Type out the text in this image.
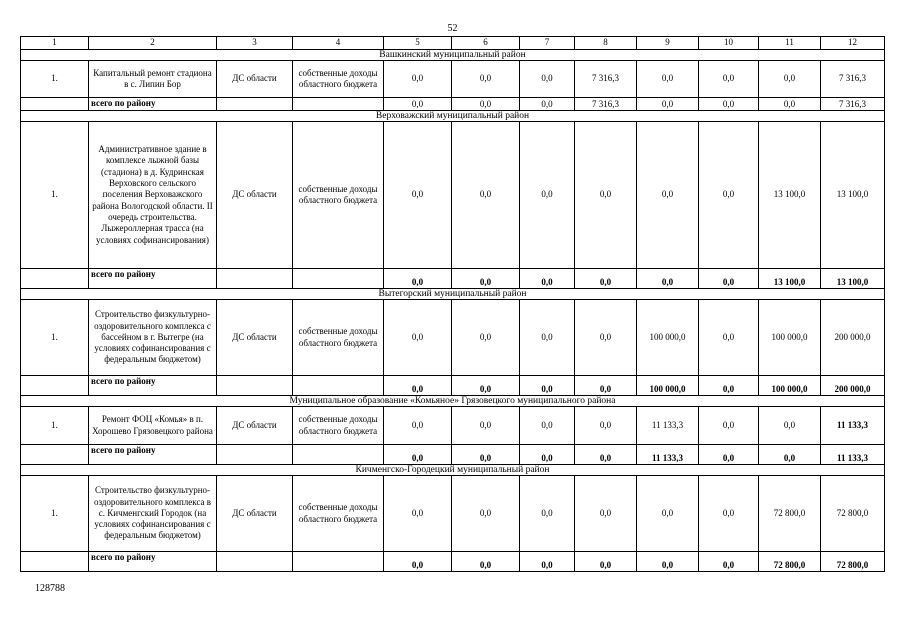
52
1	2	3	4	5	6	7	8	9	10	11	12
Вашкинский муниципальный район											
1.	Капитальный ремонт стадиона в с. Липин Бор	ДС области	собственные доходы областного бюджета	0,0	0,0	0,0	7 316,3	0,0	0,0	0,0	7 316,3
	всего по району			0,0	0,0	0,0	7 316,3	0,0	0,0	0,0	7 316,3
Верховажский муниципальный район											
1.	Административное здание в комплексе лыжной базы (стадиона) в д. Кудринская Верховского сельского поселения Верховажского района Вологодской области. II очередь строительства. Лыжероллерная трасса (на условиях софинансирования)	ДС области	собственные доходы областного бюджета	0,0	0,0	0,0	0,0	0,0	0,0	13 100,0	13 100,0
	всего по району			0,0	0,0	0,0	0,0	0,0	0,0	13 100,0	13 100,0
Вытегорский муниципальный район											
1.	Строительство физкультурно-оздоровительного комплекса с бассейном в г. Вытегре (на условиях софинансирования с федеральным бюджетом)	ДС области	собственные доходы областного бюджета	0,0	0,0	0,0	0,0	100 000,0	0,0	100 000,0	200 000,0
	всего по району			0,0	0,0	0,0	0,0	100 000,0	0,0	100 000,0	200 000,0
Муниципальное образование «Комьяное» Грязовецкого муниципального района											
1.	Ремонт ФОЦ «Комья» в п. Хорошево Грязовецкого района	ДС области	собственные доходы областного бюджета	0,0	0,0	0,0	0,0	11 133,3	0,0	0,0	11 133,3
	всего по району			0,0	0,0	0,0	0,0	11 133,3	0,0	0,0	11 133,3
Кичменгско-Городецкий муниципальный район											
1.	Строительство физкультурно-оздоровительного комплекса в с. Кичменгский Городок (на условиях софинансирования с федеральным бюджетом)	ДС области	собственные доходы областного бюджета	0,0	0,0	0,0	0,0	0,0	0,0	72 800,0	72 800,0
	всего по району			0,0	0,0	0,0	0,0	0,0	0,0	72 800,0	72 800,0
128788
